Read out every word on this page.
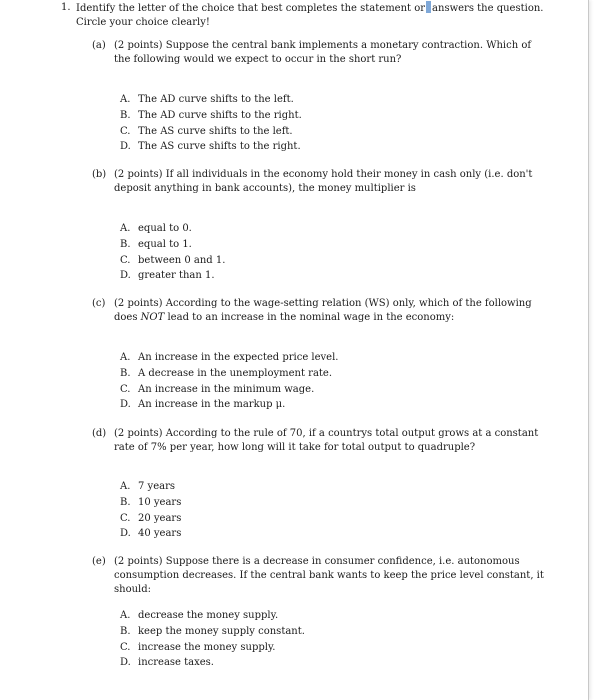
1. Identify the letter of the choice that best completes the statement or answers the question. Circle your choice clearly!
(a) (2 points) Suppose the central bank implements a monetary contraction. Which of the following would we expect to occur in the short run?
A. The AD curve shifts to the left.
B. The AD curve shifts to the right.
C. The AS curve shifts to the left.
D. The AS curve shifts to the right.
(b) (2 points) If all individuals in the economy hold their money in cash only (i.e. don't deposit anything in bank accounts), the money multiplier is
A. equal to 0.
B. equal to 1.
C. between 0 and 1.
D. greater than 1.
(c) (2 points) According to the wage-setting relation (WS) only, which of the following does NOT lead to an increase in the nominal wage in the economy:
A. An increase in the expected price level.
B. A decrease in the unemployment rate.
C. An increase in the minimum wage.
D. An increase in the markup μ.
(d) (2 points) According to the rule of 70, if a countrys total output grows at a constant rate of 7% per year, how long will it take for total output to quadruple?
A. 7 years
B. 10 years
C. 20 years
D. 40 years
(e) (2 points) Suppose there is a decrease in consumer confidence, i.e. autonomous consumption decreases. If the central bank wants to keep the price level constant, it should:
A. decrease the money supply.
B. keep the money supply constant.
C. increase the money supply.
D. increase taxes.
